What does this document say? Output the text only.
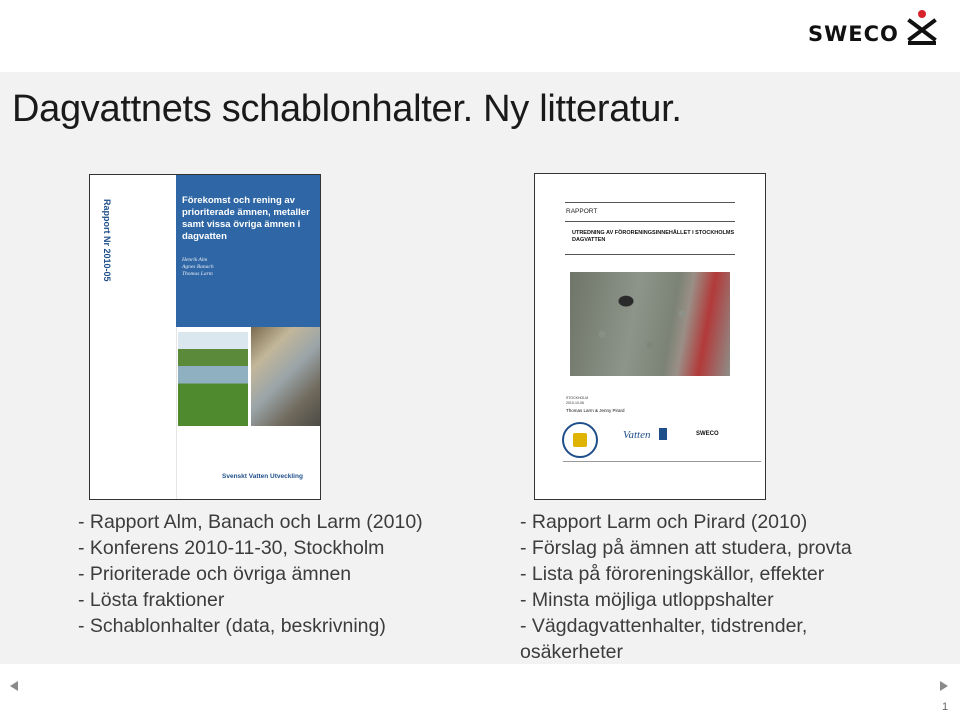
SWECO
Dagvattnets schablonhalter. Ny litteratur.
Rapport Nr 2010-05	Förekomst och rening av prioriterade ämnen, metaller samt vissa övriga ämnen i dagvatten
Henrik Alm
Agnes Banach
Thomas Larm
Svenskt Vatten Utveckling
RAPPORT
UTREDNING AV FÖRORENINGSINNEHÅLLET I STOCKHOLMS DAGVATTEN
STOCKHOLM
2010-10-06
Thomas Larm & Jenny Pirard
Vatten	SWECO
- Rapport Alm, Banach och Larm (2010)
- Konferens 2010-11-30, Stockholm
- Prioriterade och övriga ämnen
- Lösta fraktioner
- Schablonhalter (data, beskrivning)
- Rapport Larm och Pirard (2010)
- Förslag på ämnen att studera, provta
- Lista på föroreningskällor, effekter
- Minsta möjliga utloppshalter
- Vägdagvattenhalter, tidstrender,
osäkerheter
1
